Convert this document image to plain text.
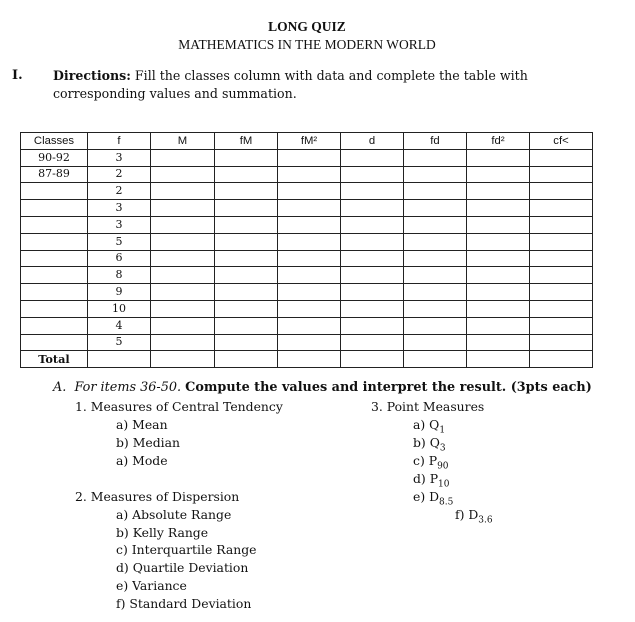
LONG QUIZ
MATHEMATICS IN THE MODERN WORLD
I. Directions: Fill the classes column with data and complete the table with
corresponding values and summation.
Classes	f	M	fM	fM²	d	fd	fd²	cf<
90-92	3							
87-89	2							
	2							
	3							
	3							
	5							
	6							
	8							
	9							
	10							
	4							
	5							
Total								
A. For items 36-50. Compute the values and interpret the result. (3pts each)
1. Measures of Central Tendency
a) Mean
b) Median
a) Mode
2. Measures of Dispersion
a) Absolute Range
b) Kelly Range
c) Interquartile Range
d) Quartile Deviation
e) Variance
f) Standard Deviation
3. Point Measures
a) $Q_1$
b) $Q_3$
c) $P_{90}$
d) $P_{10}$
e) $D_{8.5}$
f) $D_{3.6}$
